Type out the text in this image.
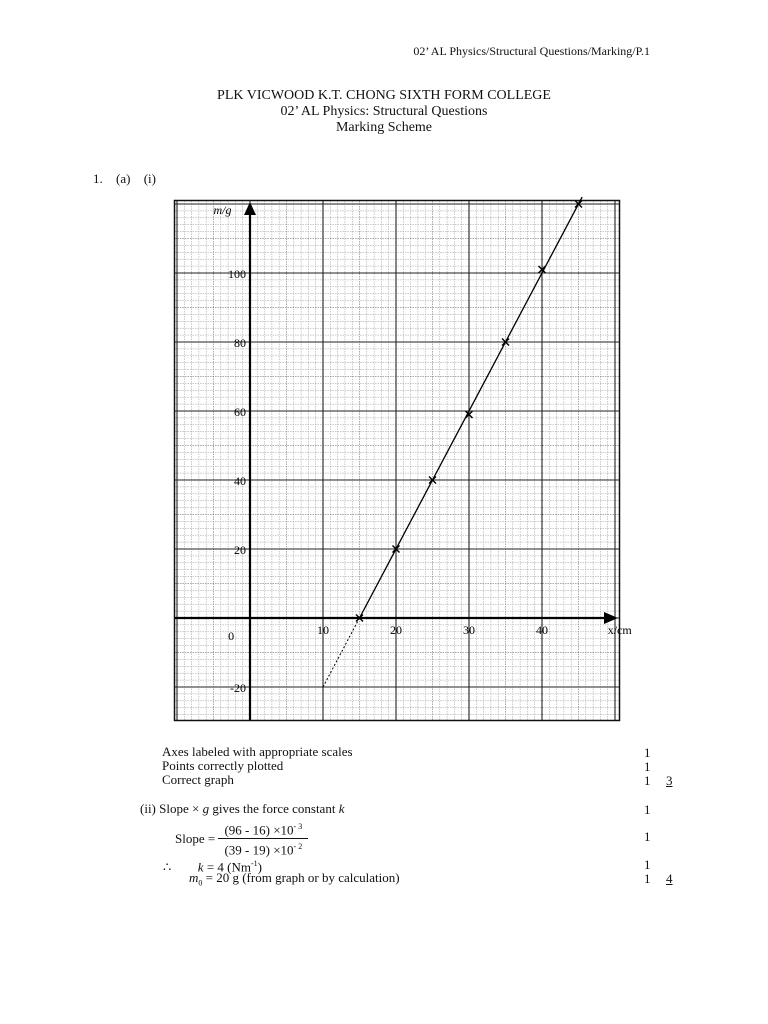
02’ AL Physics/Structural Questions/Marking/P.1
PLK VICWOOD K.T. CHONG SIXTH FORM COLLEGE
02’ AL Physics: Structural Questions
Marking Scheme
1. (a) (i)
10	20	30	40
-20
20
40
60
80
100
x/cm
m/g
0
Axes labeled with appropriate scales	1
Points correctly plotted	1
Correct graph	1 3
(ii) Slope × g gives the force constant k	1
Slope = $\frac{(96 - 16) \times 10^{- 3}}{(39 - 19) \times 10^{- 2}}$	1
∴ k = 4 $(Nm^{-1})$	1
$m_0 = 20$ g (from graph or by calculation)	1 4
